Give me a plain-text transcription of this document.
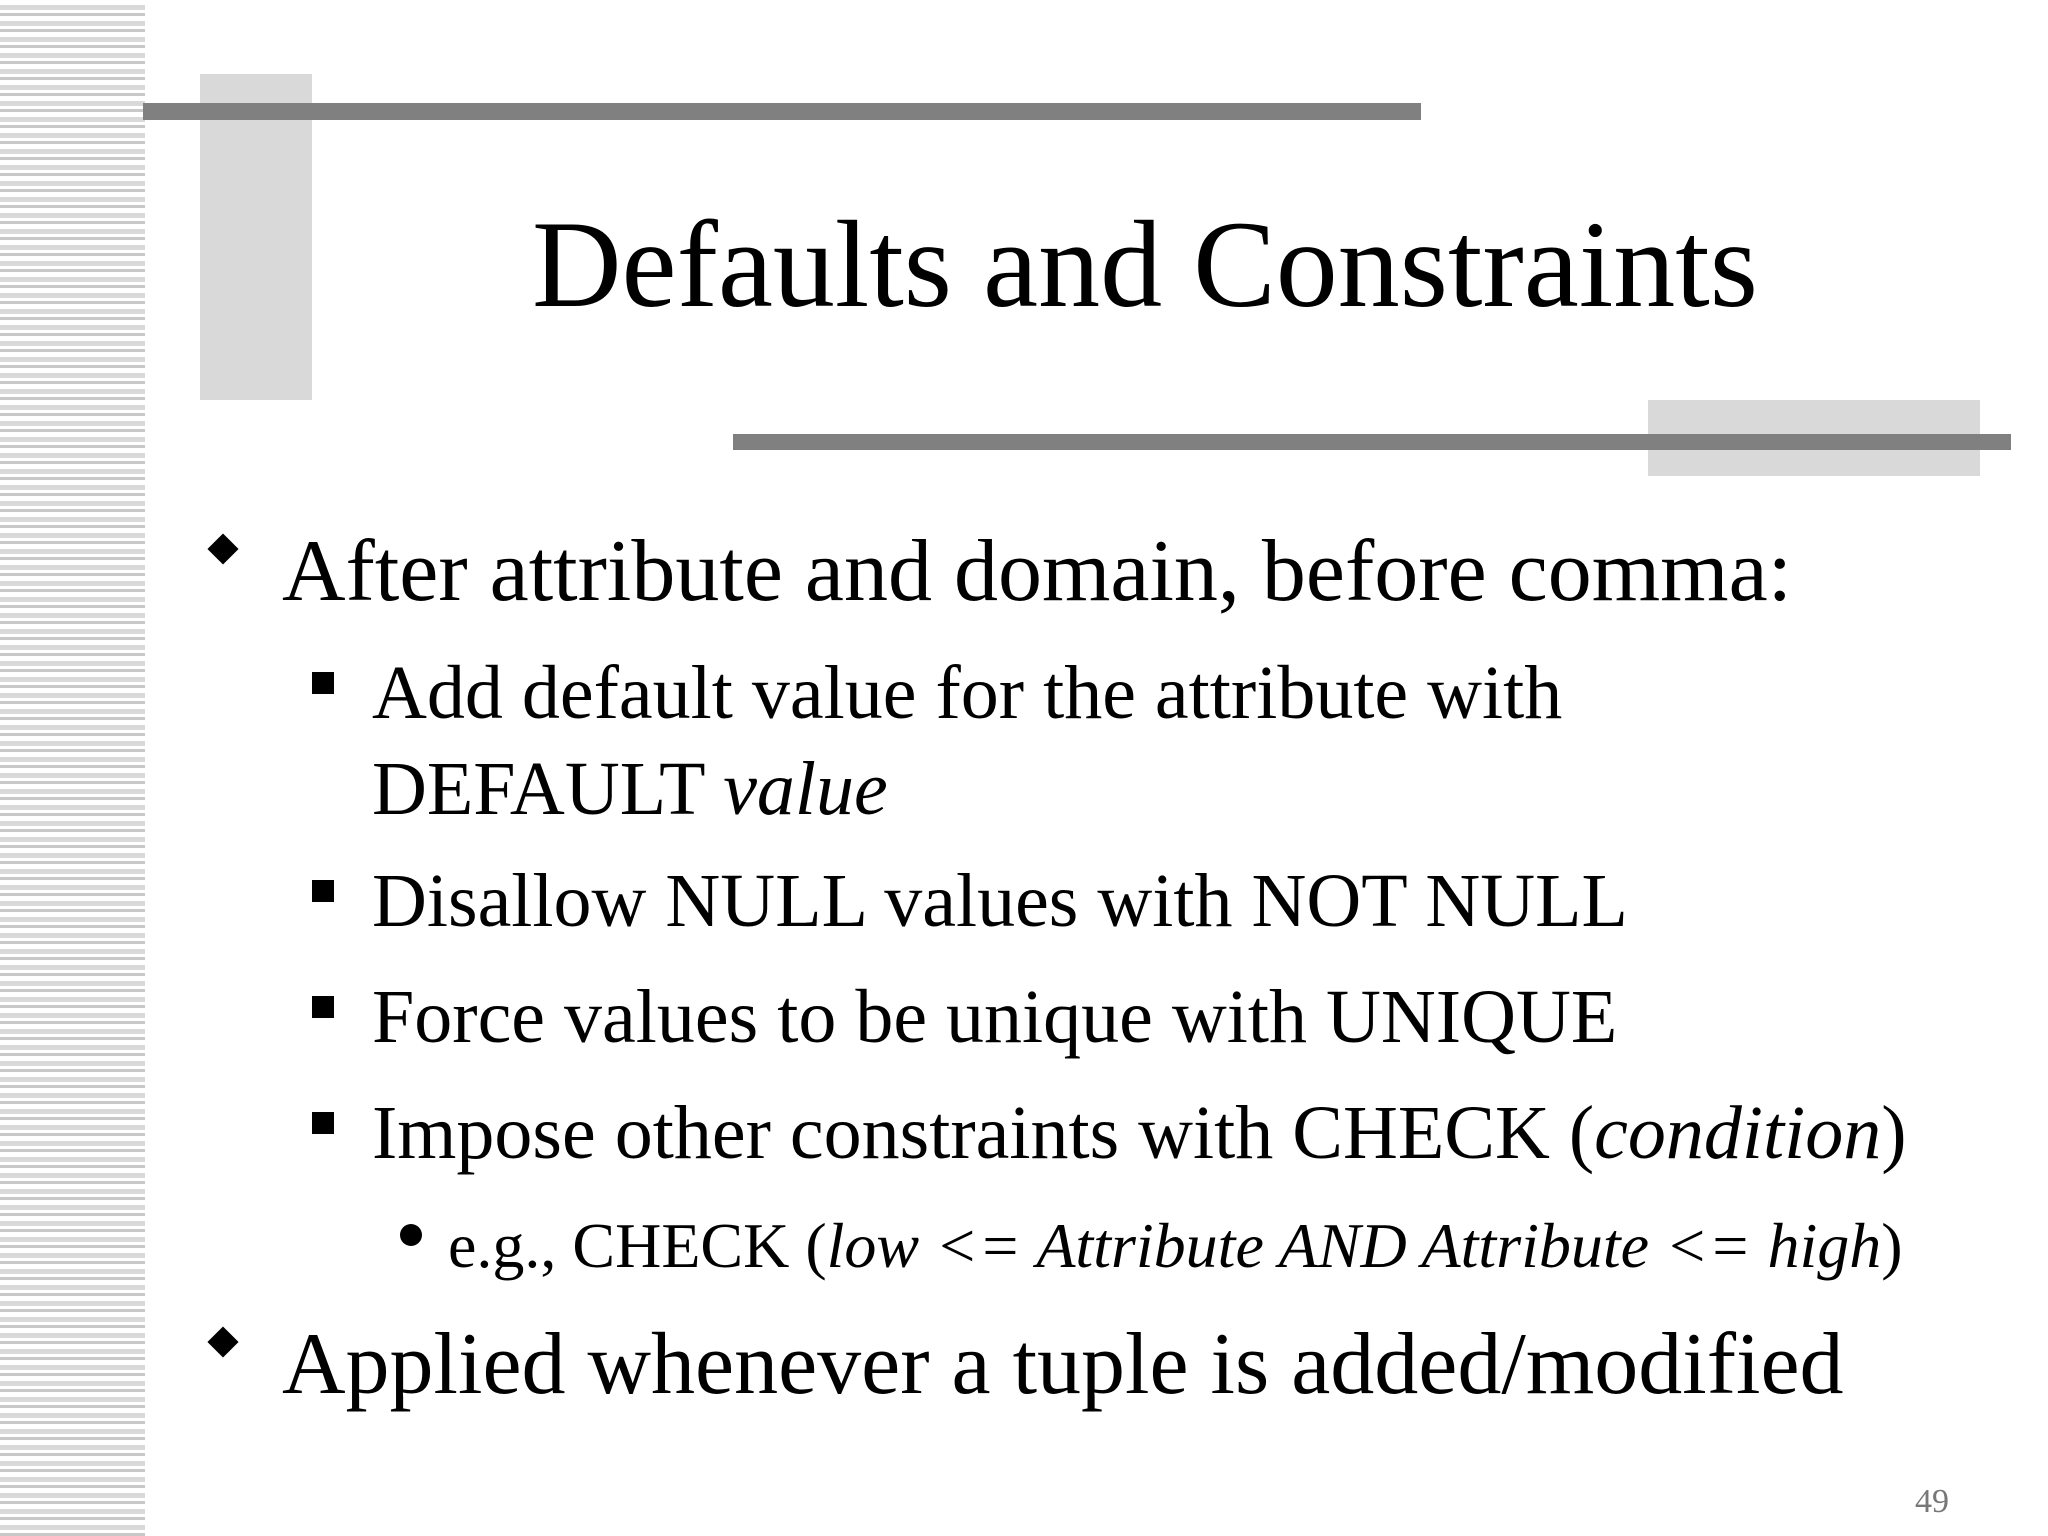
Defaults and Constraints
After attribute and domain, before comma:
Add default value for the attribute with
DEFAULT value
Disallow NULL values with NOT NULL
Force values to be unique with UNIQUE
Impose other constraints with CHECK (condition)
e.g., CHECK (low <= Attribute AND Attribute <= high)
Applied whenever a tuple is added/modified
49
